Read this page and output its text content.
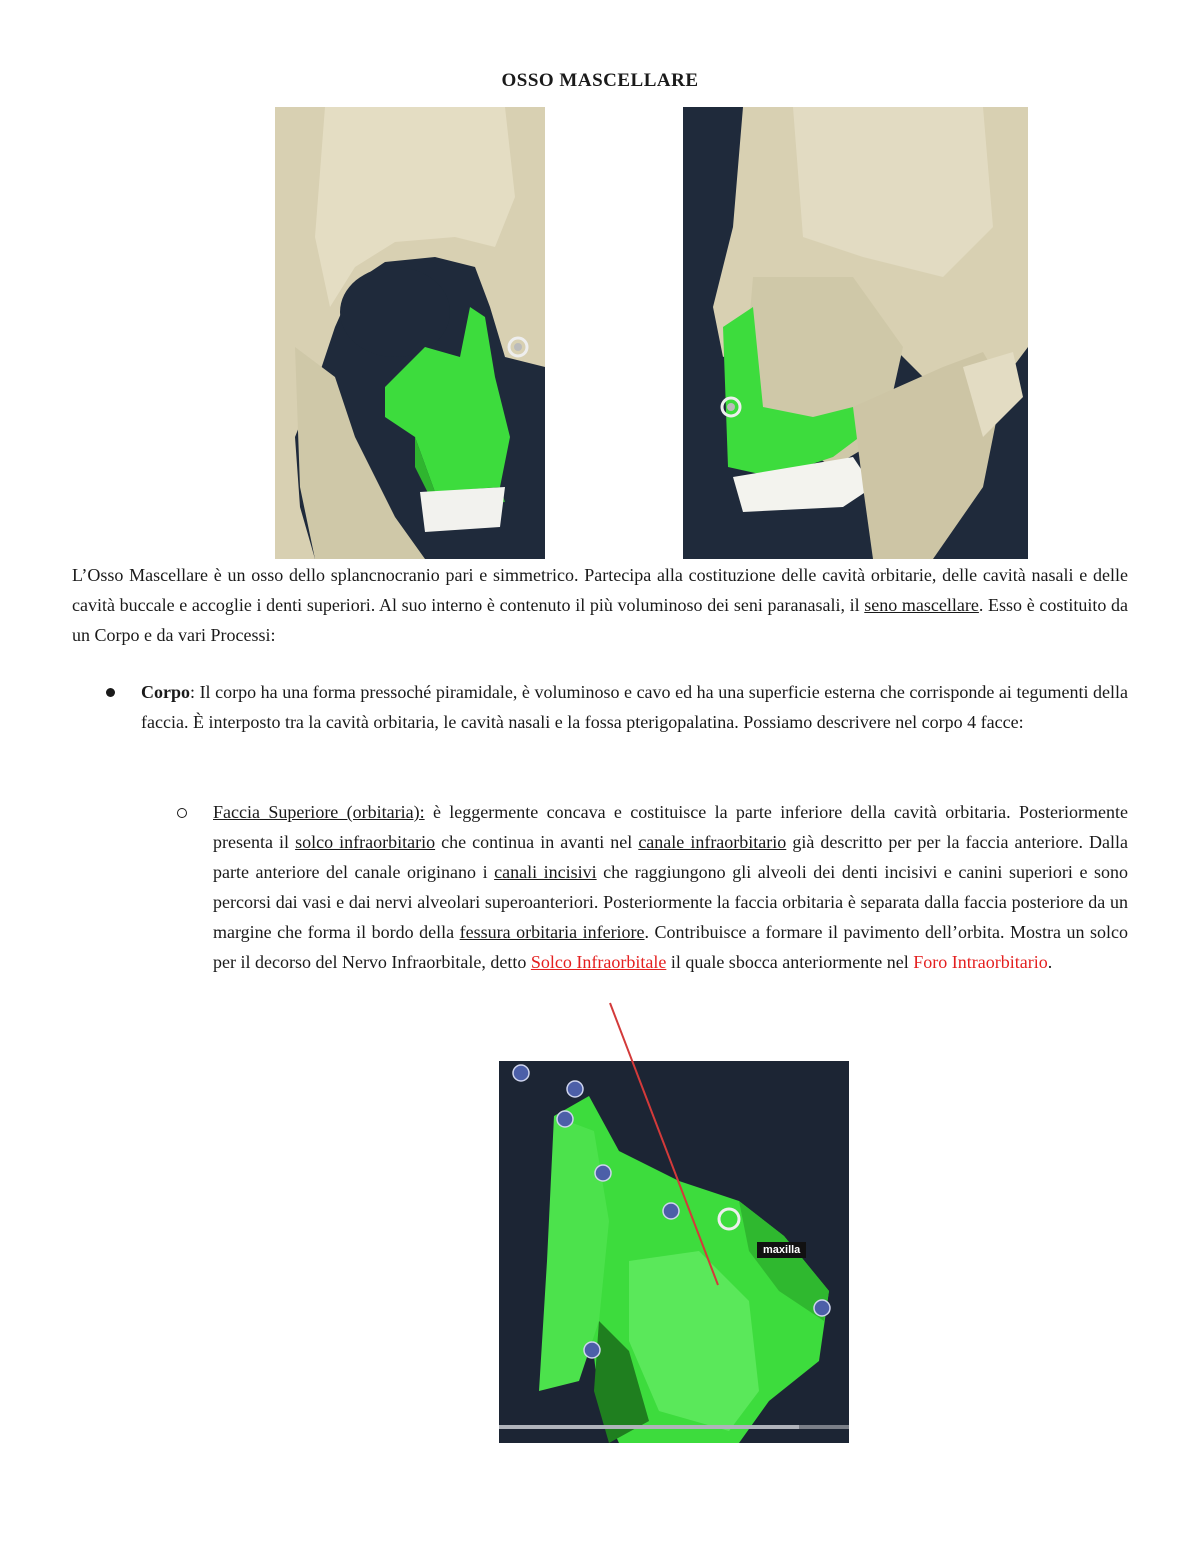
OSSO MASCELLARE

L’Osso Mascellare è un osso dello splancnocranio pari e simmetrico. Partecipa alla costituzione delle cavità orbitarie, delle cavità nasali e delle cavità buccale e accoglie i denti superiori. Al suo interno è contenuto il più voluminoso dei seni paranasali, il seno mascellare. Esso è costituito da un Corpo e da vari Processi:

Corpo: Il corpo ha una forma pressoché piramidale, è voluminoso e cavo ed ha una superficie esterna che corrisponde ai tegumenti della faccia. È interposto tra la cavità orbitaria, le cavità nasali e la fossa pterigopalatina. Possiamo descrivere nel corpo 4 facce:

Faccia Superiore (orbitaria): è leggermente concava e costituisce la parte inferiore della cavità orbitaria. Posteriormente presenta il solco infraorbitario che continua in avanti nel canale infraorbitario già descritto per per la faccia anteriore. Dalla parte anteriore del canale originano i canali incisivi che raggiungono gli alveoli dei denti incisivi e canini superiori e sono percorsi dai vasi e dai nervi alveolari superoanteriori. Posteriormente la faccia orbitaria è separata dalla faccia posteriore da un margine che forma il bordo della fessura orbitaria inferiore. Contribuisce a formare il pavimento dell’orbita. Mostra un solco per il decorso del Nervo Infraorbitale, detto Solco Infraorbitale il quale sbocca anteriormente nel Foro Intraorbitario.

maxilla
